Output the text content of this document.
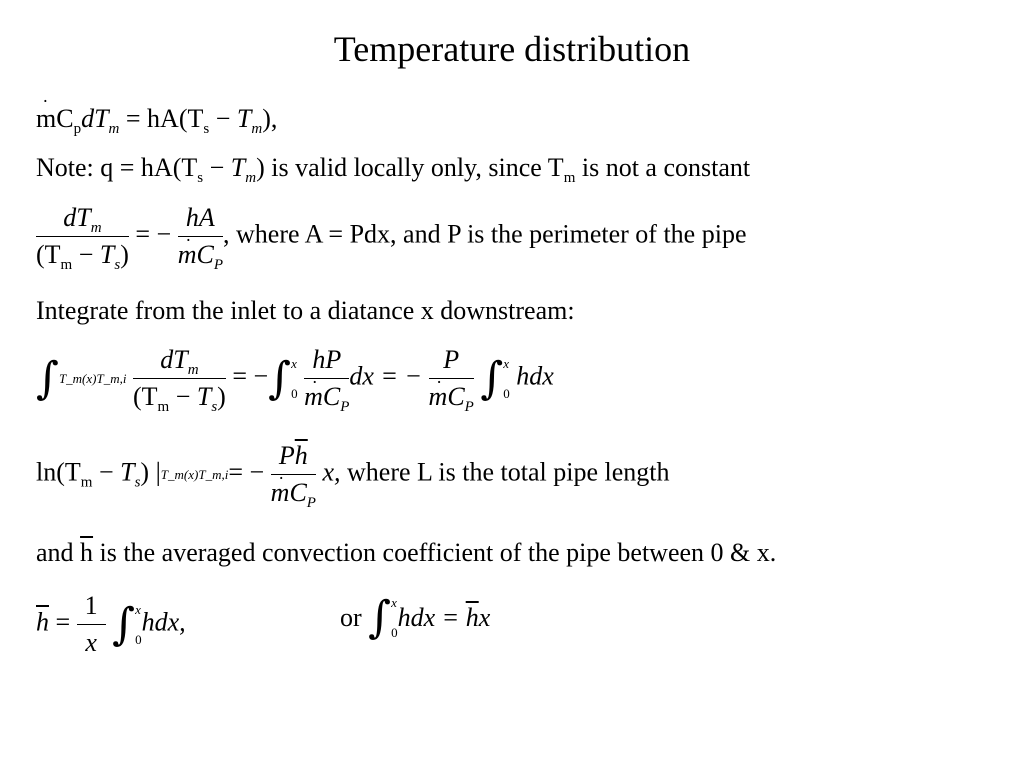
Temperature distribution
˙ $mC_pdT_m = hA(T_s - T_m)$,
Note: $q = hA(T_s - T_m)$ is valid locally only, since $T_m$ is not a constant
$\frac{dT_m}{(T_m - T_s)}$ = − hA
˙ $mC_P$ , where A = Pdx, and P is the perimeter of the pipe
Integrate from the inlet to a diatance x downstream:
∫T_m(x)T_m,i $\frac{dT_m}{(T_m - T_s)} = -\int x$
0
hP
˙ $mC_P$ dx = − P
˙ $mC_P$ ∫x
0
hdx
$\ln(T_m - T_s)$ |T_m(x)T_m,i= − $P\overline{h}$
˙ $mC_P$ x, where L is the total pipe length
and $\overline{h}$ is the averaged convection coefficient of the pipe between 0 & x.
$\overline{h} = \frac{1}{x} \int x$
0
hdx,	or ∫x
0
hdx = $\overline{h}x$
